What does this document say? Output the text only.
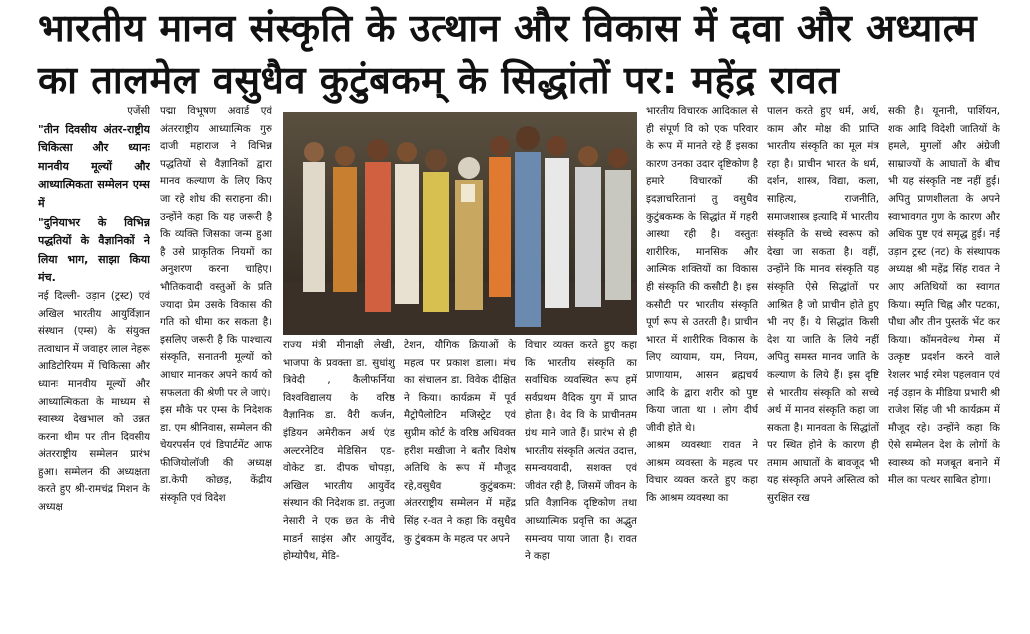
भारतीय मानव संस्कृति के उत्थान और विकास में दवा और अध्यात्म
का तालमेल वसुधैव कुटुंबकम् के सिद्धांतों पर: महेंद्र रावत

एजेंसी

"तीन दिवसीय अंतर-राष्ट्रीय चिकित्सा और ध्यानः मानवीय मूल्यों और आध्यात्मिकता सम्मेलन एम्स में

"दुनियाभर के विभिन्न पद्धतियों के वैज्ञानिकों ने लिया भाग, साझा किया मंच.

नई दिल्ली- उड़ान (ट्रस्ट) एवं अखिल भारतीय आयुर्विज्ञान संस्थान (एम्स) के संयुक्त तत्वाधान में जवाहर लाल नेहरू आडिटोरियम में चिकित्सा और ध्यानः मानवीय मूल्यों और आध्यात्मिकता के माध्यम से स्वास्थ्य देखभाल को उन्नत करना थीम पर तीन दिवसीय अंतरराष्ट्रीय सम्मेलन प्रारंभ हुआ। सम्मेलन की अध्यक्षता करते हुए श्री-रामचंद्र मिशन के अध्यक्ष

पद्मा विभूषण अवार्ड एवं अंतरराष्ट्रीय आध्यात्मिक गुरु दाजी महाराज ने विभिन्न पद्धतियों से वैज्ञानिकों द्वारा मानव कल्याण के लिए किए जा रहे शोध की सराहना की। उन्होंने कहा कि यह जरूरी है कि व्यक्ति जिसका जन्म हुआ है उसे प्राकृतिक नियमों का अनुशरण करना चाहिए। भौतिकवादी वस्तुओं के प्रति ज्यादा प्रेम उसके विकास की गति को धीमा कर सकता है। इसलिए जरूरी है कि पाश्चात्य संस्कृति, सनातनी मूल्यों को आधार मानकर अपने कार्य को सफलता की श्रेणी पर ले जाएं।

इस मौके पर एम्स के निदेशक डा. एम श्रीनिवास, सम्मेलन की चेयरपर्सन एवं डिपार्टमेंट आफ फीजियोलॉजी की अध्यक्ष डा.केपी कोछड़, केंद्रीय संस्कृति एवं विदेश

राज्य मंत्री मीनाक्षी लेखी, भाजपा के प्रवक्ता डा. सुधांशु त्रिवेदी , कैलीफर्निया विश्वविद्यालय के वरिष्ठ वैज्ञानिक डा. वैरी कर्जन, इंडियन अमेरीकन अर्थ एंड अल्टरनेटिव मेडिसिन एड-वोकेट डा. दीपक चोपड़ा, अखिल भारतीय आयुर्वेद संस्थान की निदेशक डा. तनुजा नेसारी ने एक छत के नीचे माडर्न साइंस और आयुर्वेद, होम्योपैथ, मेडि-

टेशन, यौगिक क्रियाओं के महत्व पर प्रकाश डाला। मंच का संचालन डा. विवेक दीक्षित ने किया। कार्यक्रम में पूर्व मैट्रोपैलोटिन मजिस्ट्रेट एवं सुप्रीम कोर्ट के वरिष्ठ अधिवक्त हरीश मखीजा ने बतौर विशेष अतिथि के रूप में मौजूद रहे,वसुधैव कुटुंबकम: अंतरराष्ट्रीय सम्मेलन में महेंद्र सिंह र-वत ने कहा कि वसुधैव कु टुंबकम के महत्व पर अपने

विचार व्यक्त करते हुए कहा कि भारतीय संस्कृति का सर्वाधिक व्यवस्थित रूप हमें सर्वप्रथम वैदिक युग में प्राप्त होता है। वेद वि के प्राचीनतम ग्रंथ माने जाते हैं। प्रारंभ से ही भारतीय संस्कृति अत्यंत उदात्त, समन्वयवादी, सशक्त एवं जीवंत रही है, जिसमें जीवन के प्रति वैज्ञानिक दृष्टिकोण तथा आध्यात्मिक प्रवृत्ति का अद्भुत समन्वय पाया जाता है। रावत ने कहा

भारतीय विचारक आदिकाल से ही संपूर्ण वि को एक परिवार के रूप में मानते रहे हैं इसका कारण उनका उदार दृष्टिकोण है हमारे विचारकों की इदज्ञाचरितानां तु वसुधैव कुटुंबकम्क के सिद्धांत में गहरी आस्था रही है। वस्तुतः शारीरिक, मानसिक और आत्मिक शक्तियों का विकास ही संस्कृति की कसौटी है। इस कसौटी पर भारतीय संस्कृति पूर्ण रूप से उतरती है। प्राचीन भारत में शारीरिक विकास के लिए व्यायाम, यम, नियम, प्राणायाम, आसन ब्रह्मचर्य आदि के द्वारा शरीर को पुष्ट किया जाता था । लोग दीर्घ जीवी होते थे।

आश्रम व्यवस्थाः रावत ने आश्रम व्यवस्ता के महत्व पर विचार व्यक्त करते हुए कहा कि आश्रम व्यवस्था का

पालन करते हुए धर्म, अर्थ, काम और मोक्ष की प्राप्ति भारतीय संस्कृति का मूल मंत्र रहा है। प्राचीन भारत के धर्म, दर्शन, शास्त्र, विद्या, कला, साहित्य, राजनीति, समाजशास्त्र इत्यादि में भारतीय संस्कृति के सच्चे स्वरूप को देखा जा सकता है। वहीं, उन्होंने कि मानव संस्कृति यह संस्कृति ऐसे सिद्धांतों पर आश्रित है जो प्राचीन होते हुए भी नए हैं। ये सिद्धांत किसी देश या जाति के लिये नहीं अपितु समस्त मानव जाति के कल्याण के लिये हैं। इस दृष्टि से भारतीय संस्कृति को सच्चे अर्थ में मानव संस्कृति कहा जा सकता है। मानवता के सिद्धांतों पर स्थित होने के कारण ही तमाम आघातों के बावजूद भी यह संस्कृति अपने अस्तित्व को सुरक्षित रख

सकी है। यूनानी, पार्शियन, शक आदि विदेशी जातियों के हमले, मुगलों और अंग्रेजी साम्राज्यों के आघातों के बीच भी यह संस्कृति नष्ट नहीं हुई। अपितु प्राणशीलता के अपने स्वाभावगत गुण के कारण और अधिक पुष्ट एवं समृद्ध हुई। नई उड़ान ट्रस्ट (नट) के संस्थापक अध्यक्ष श्री महेंद्र सिंह रावत ने आए अतिथियों का स्वागत किया। स्मृति चिह्न और पटका, पौधा और तीन पुस्तकें भेंट कर किया। कॉमनवेल्थ गेम्स में उत्कृष्ट प्रदर्शन करने वाले रेशलर भाई रमेश पहलवान एवं नई उड़ान के मीडिया प्रभारी श्री राजेश सिंह जी भी कार्यक्रम में मौजूद रहे। उन्होंने कहा कि ऐसे सम्मेलन देश के लोगों के स्वास्थ्य को मजबूत बनाने में मील का पत्थर साबित होगा।
